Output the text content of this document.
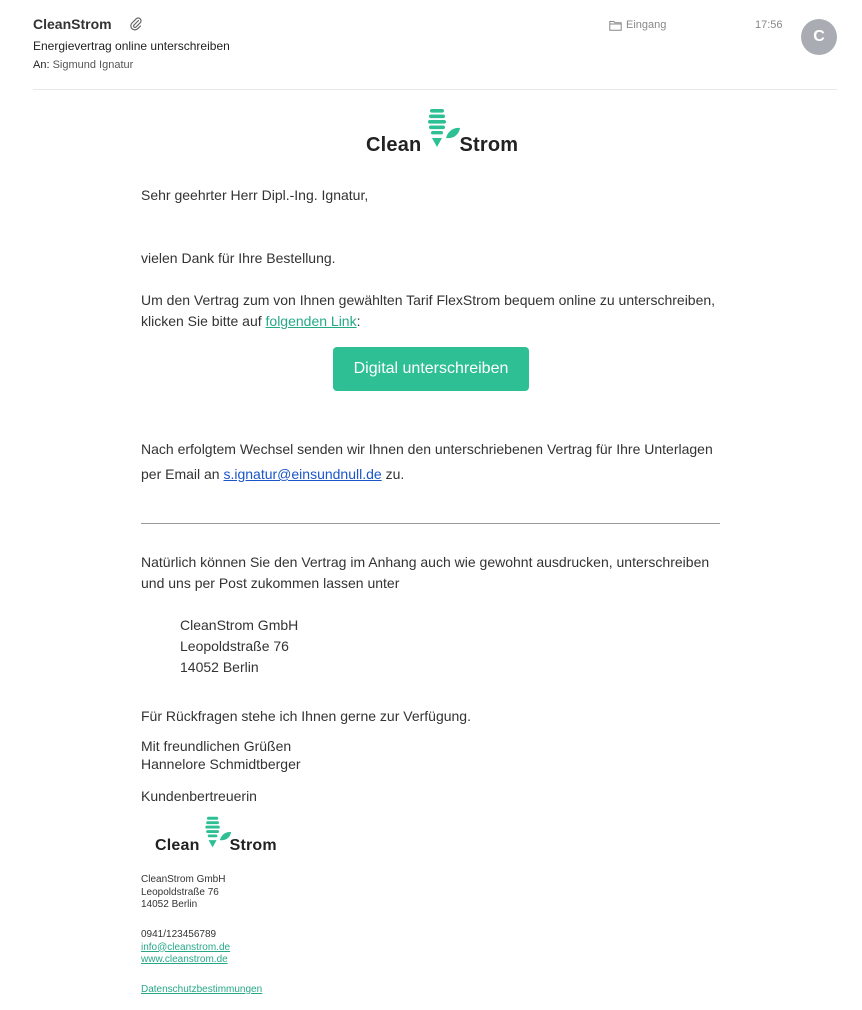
CleanStrom
Energievertrag online unterschreiben
An: Sigmund Ignatur
Eingang	17:56
C
Clean Strom

Sehr geehrter Herr Dipl.-Ing. Ignatur,

vielen Dank für Ihre Bestellung.

Um den Vertrag zum von Ihnen gewählten Tarif FlexStrom bequem online zu unterschreiben,

klicken Sie bitte auf folgenden Link:

Digital unterschreiben

Nach erfolgtem Wechsel senden wir Ihnen den unterschriebenen Vertrag für Ihre Unterlagen

per Email an s.ignatur@einsundnull.de zu.

Natürlich können Sie den Vertrag im Anhang auch wie gewohnt ausdrucken, unterschreiben

und uns per Post zukommen lassen unter

CleanStrom GmbH
Leopoldstraße 76
14052 Berlin

Für Rückfragen stehe ich Ihnen gerne zur Verfügung.

Mit freundlichen Grüßen

Hannelore Schmidtberger

Kundenbertreuerin

Clean Strom
CleanStrom GmbH
Leopoldstraße 76
14052 Berlin
0941/123456789
info@cleanstrom.de
www.cleanstrom.de
Datenschutzbestimmungen
